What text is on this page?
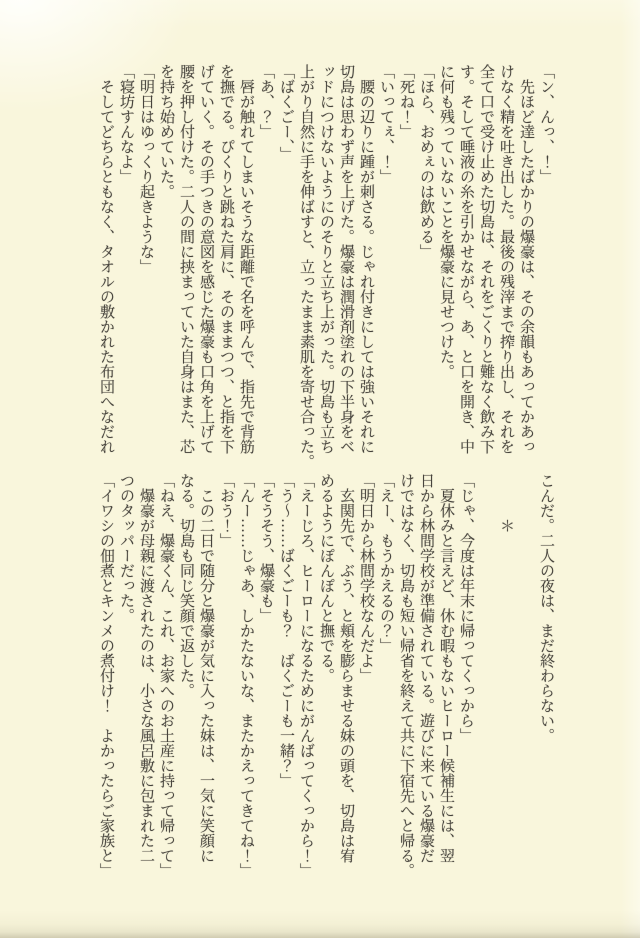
「ン、んっ、！」
　先ほど達したばかりの爆豪は、その余韻もあってかあっ
けなく精を吐き出した。最後の残滓まで搾り出し、それを
全て口で受け止めた切島は、それをごくりと難なく飲み下
す。そして唾液の糸を引かせながら、あ、と口を開き、中
に何も残っていないことを爆豪に見せつけた。
「ほら、おめぇのは飲める」
「死ね！」
「いってぇ、！」
　腰の辺りに踵が刺さる。じゃれ付きにしては強いそれに
切島は思わず声を上げた。爆豪は潤滑剤塗れの下半身をベ
ッドにつけないようにのそりと立ち上がった。切島も立ち
上がり自然に手を伸ばすと、立ったまま素肌を寄せ合った。
「ばくごー、」
「あ、？」
　唇が触れてしまいそうな距離で名を呼んで、指先で背筋
を撫でる。ぴくりと跳ねた肩に、そのままつつ、と指を下
げていく。その手つきの意図を感じた爆豪も口角を上げて
腰を押し付けた。二人の間に挟まっていた自身はまた、芯
を持ち始めていた。
「明日はゆっくり起きような」
「寝坊すんなよ」
　そしてどちらともなく、タオルの敷かれた布団へなだれ
こんだ。二人の夜は、まだ終わらない。
　　　＊
「じゃ、今度は年末に帰ってくっから」
　夏休みと言えど、休む暇もないヒーロー候補生には、翌
日から林間学校が準備されている。遊びに来ている爆豪だ
けではなく、切島も短い帰省を終えて共に下宿先へと帰る。
「えー、もうかえるの？」
「明日から林間学校なんだよ」
　玄関先で、ぶう、と頬を膨らませる妹の頭を、切島は宥
めるようにぽんぽんと撫でる。
「えーじろ、ヒーローになるためにがんばってくっから！」
「う〜……ばくごーも？　ばくごーも一緒？」
「そうそう、爆豪も」
「んー……じゃあ、しかたないな、またかえってきてね！」
「おう！」
　この二日で随分と爆豪が気に入った妹は、一気に笑顔に
なる。切島も同じ笑顔で返した。
「ねえ、爆豪くん、これ、お家へのお土産に持って帰って」
　爆豪が母親に渡されたのは、小さな風呂敷に包まれた二
つのタッパーだった。
「イワシの佃煮とキンメの煮付け！　よかったらご家族と」
